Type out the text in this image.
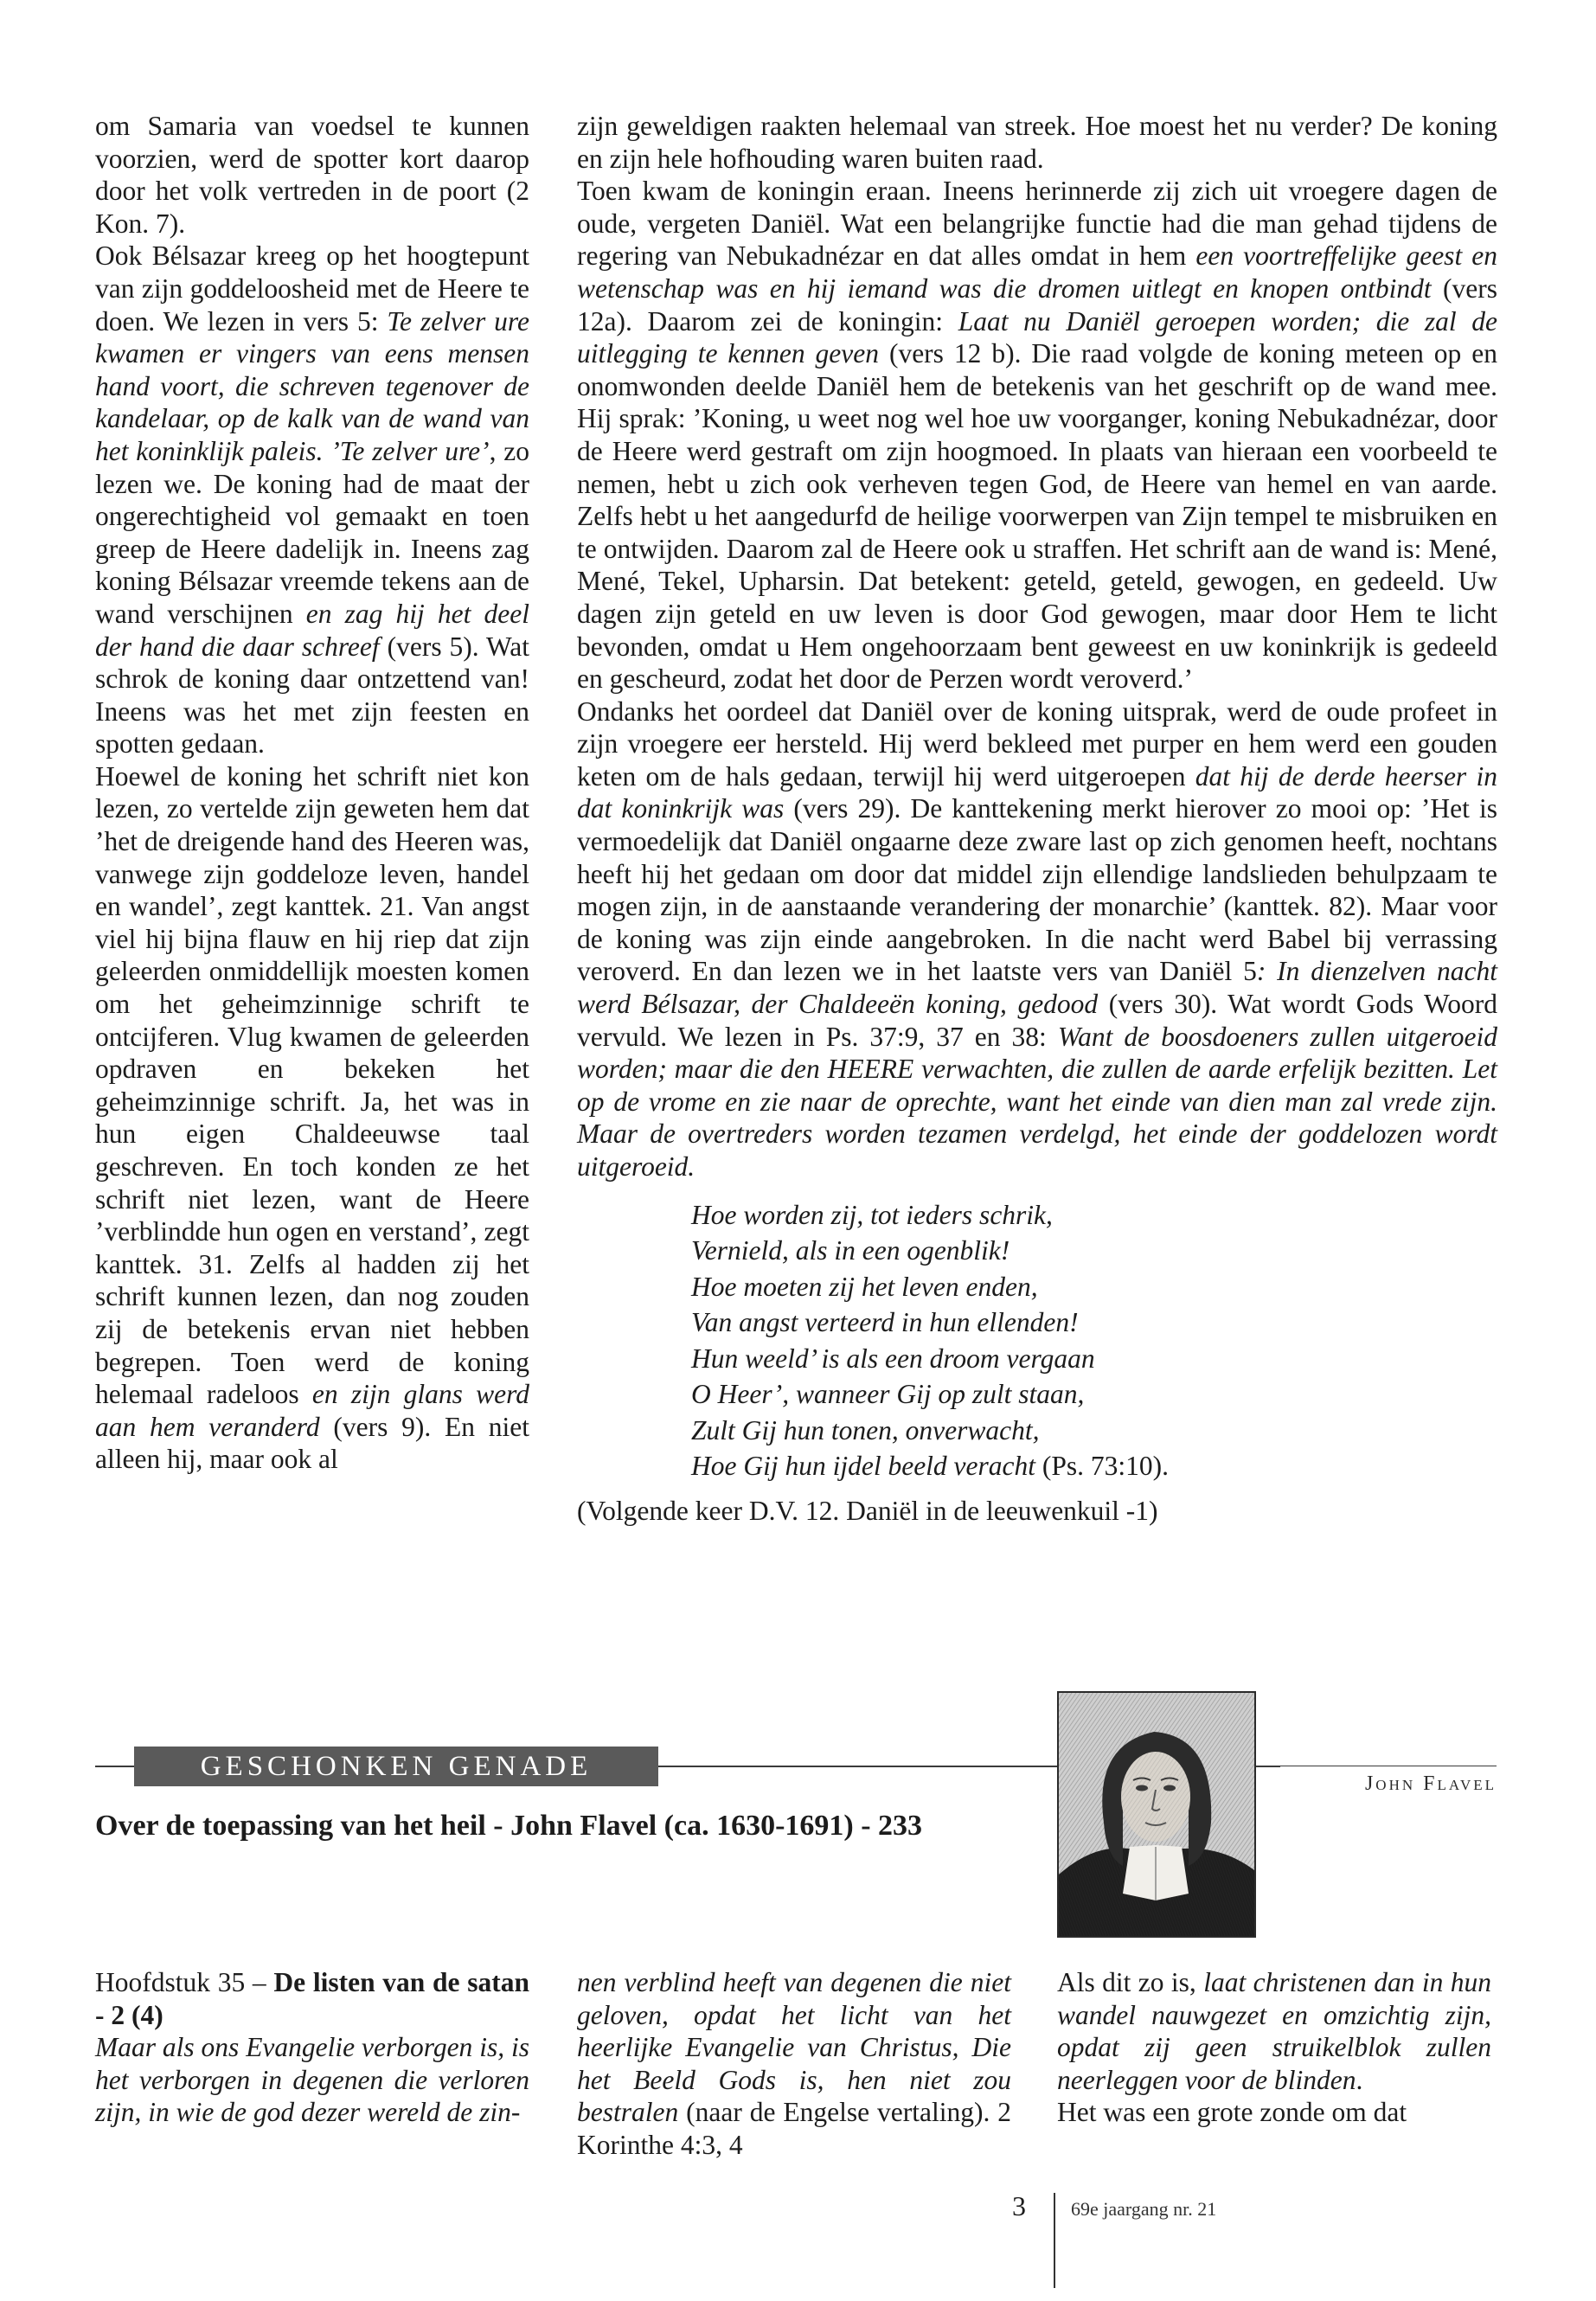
om Samaria van voedsel te kunnen voorzien, werd de spotter kort daarop door het volk vertreden in de poort (2 Kon. 7).

Ook Bélsazar kreeg op het hoogtepunt van zijn goddeloosheid met de Heere te doen. We lezen in vers 5: Te zelver ure kwamen er vingers van eens mensen hand voort, die schreven tegenover de kandelaar, op de kalk van de wand van het koninklijk paleis. ’Te zelver ure’, zo lezen we. De koning had de maat der ongerechtigheid vol gemaakt en toen greep de Heere dadelijk in. Ineens zag koning Bélsazar vreemde tekens aan de wand verschijnen en zag hij het deel der hand die daar schreef (vers 5). Wat schrok de koning daar ontzettend van! Ineens was het met zijn feesten en spotten gedaan.

Hoewel de koning het schrift niet kon lezen, zo vertelde zijn geweten hem dat ’het de dreigende hand des Heeren was, vanwege zijn goddeloze leven, handel en wandel’, zegt kanttek. 21. Van angst viel hij bijna flauw en hij riep dat zijn geleerden onmiddellijk moesten komen om het geheimzinnige schrift te ontcijferen. Vlug kwamen de geleerden opdraven en bekeken het geheimzinnige schrift. Ja, het was in hun eigen Chaldeeuwse taal geschreven. En toch konden ze het schrift niet lezen, want de Heere ’verblindde hun ogen en verstand’, zegt kanttek. 31. Zelfs al hadden zij het schrift kunnen lezen, dan nog zouden zij de betekenis ervan niet hebben begrepen. Toen werd de koning helemaal radeloos en zijn glans werd aan hem veranderd (vers 9). En niet alleen hij, maar ook al

zijn geweldigen raakten helemaal van streek. Hoe moest het nu verder? De koning en zijn hele hofhouding waren buiten raad.

Toen kwam de koningin eraan. Ineens herinnerde zij zich uit vroegere dagen de oude, vergeten Daniël. Wat een belangrijke functie had die man gehad tijdens de regering van Nebukadnézar en dat alles omdat in hem een voortreffelijke geest en wetenschap was en hij iemand was die dromen uitlegt en knopen ontbindt (vers 12a). Daarom zei de koningin: Laat nu Daniël geroepen worden; die zal de uitlegging te kennen geven (vers 12 b). Die raad volgde de koning meteen op en onomwonden deelde Daniël hem de betekenis van het geschrift op de wand mee. Hij sprak: ’Koning, u weet nog wel hoe uw voorganger, koning Nebukadnézar, door de Heere werd gestraft om zijn hoogmoed. In plaats van hieraan een voorbeeld te nemen, hebt u zich ook verheven tegen God, de Heere van hemel en van aarde. Zelfs hebt u het aangedurfd de heilige voorwerpen van Zijn tempel te misbruiken en te ontwijden. Daarom zal de Heere ook u straffen. Het schrift aan de wand is: Mené, Mené, Tekel, Upharsin. Dat betekent: geteld, geteld, gewogen, en gedeeld. Uw dagen zijn geteld en uw leven is door God gewogen, maar door Hem te licht bevonden, omdat u Hem ongehoorzaam bent geweest en uw koninkrijk is gedeeld en gescheurd, zodat het door de Perzen wordt veroverd.’

Ondanks het oordeel dat Daniël over de koning uitsprak, werd de oude profeet in zijn vroegere eer hersteld. Hij werd bekleed met purper en hem werd een gouden keten om de hals gedaan, terwijl hij werd uitgeroepen dat hij de derde heerser in dat koninkrijk was (vers 29). De kanttekening merkt hierover zo mooi op: ’Het is vermoedelijk dat Daniël ongaarne deze zware last op zich genomen heeft, nochtans heeft hij het gedaan om door dat middel zijn ellendige landslieden behulpzaam te mogen zijn, in de aanstaande verandering der monarchie’ (kanttek. 82). Maar voor de koning was zijn einde aangebroken. In die nacht werd Babel bij verrassing veroverd. En dan lezen we in het laatste vers van Daniël 5: In dienzelven nacht werd Bélsazar, der Chaldeeën koning, gedood (vers 30). Wat wordt Gods Woord vervuld. We lezen in Ps. 37:9, 37 en 38: Want de boosdoeners zullen uitgeroeid worden; maar die den HEERE verwachten, die zullen de aarde erfelijk bezitten. Let op de vrome en zie naar de oprechte, want het einde van dien man zal vrede zijn. Maar de overtreders worden tezamen verdelgd, het einde der goddelozen wordt uitgeroeid.

Hoe worden zij, tot ieders schrik,
Vernield, als in een ogenblik!
Hoe moeten zij het leven enden,
Van angst verteerd in hun ellenden!
Hun weeld’ is als een droom vergaan
O Heer’, wanneer Gij op zult staan,
Zult Gij hun tonen, onverwacht,
Hoe Gij hun ijdel beeld veracht (Ps. 73:10).

(Volgende keer D.V. 12. Daniël in de leeuwenkuil -1)

GESCHONKEN GENADE
Over de toepassing van het heil - John Flavel (ca. 1630-1691) - 233
John Flavel
Hoofdstuk 35 – De listen van de satan - 2 (4)
Maar als ons Evangelie verborgen is, is het verborgen in degenen die verloren zijn, in wie de god dezer wereld de zin-
nen verblind heeft van degenen die niet geloven, opdat het licht van het heerlijke Evangelie van Christus, Die het Beeld Gods is, hen niet zou bestralen (naar de Engelse vertaling). 2 Korinthe 4:3, 4

Als dit zo is, laat christenen dan in hun wandel nauwgezet en omzichtig zijn, opdat zij geen struikelblok zullen neerleggen voor de blinden.

Het was een grote zonde om dat

3 69e jaargang nr. 21
